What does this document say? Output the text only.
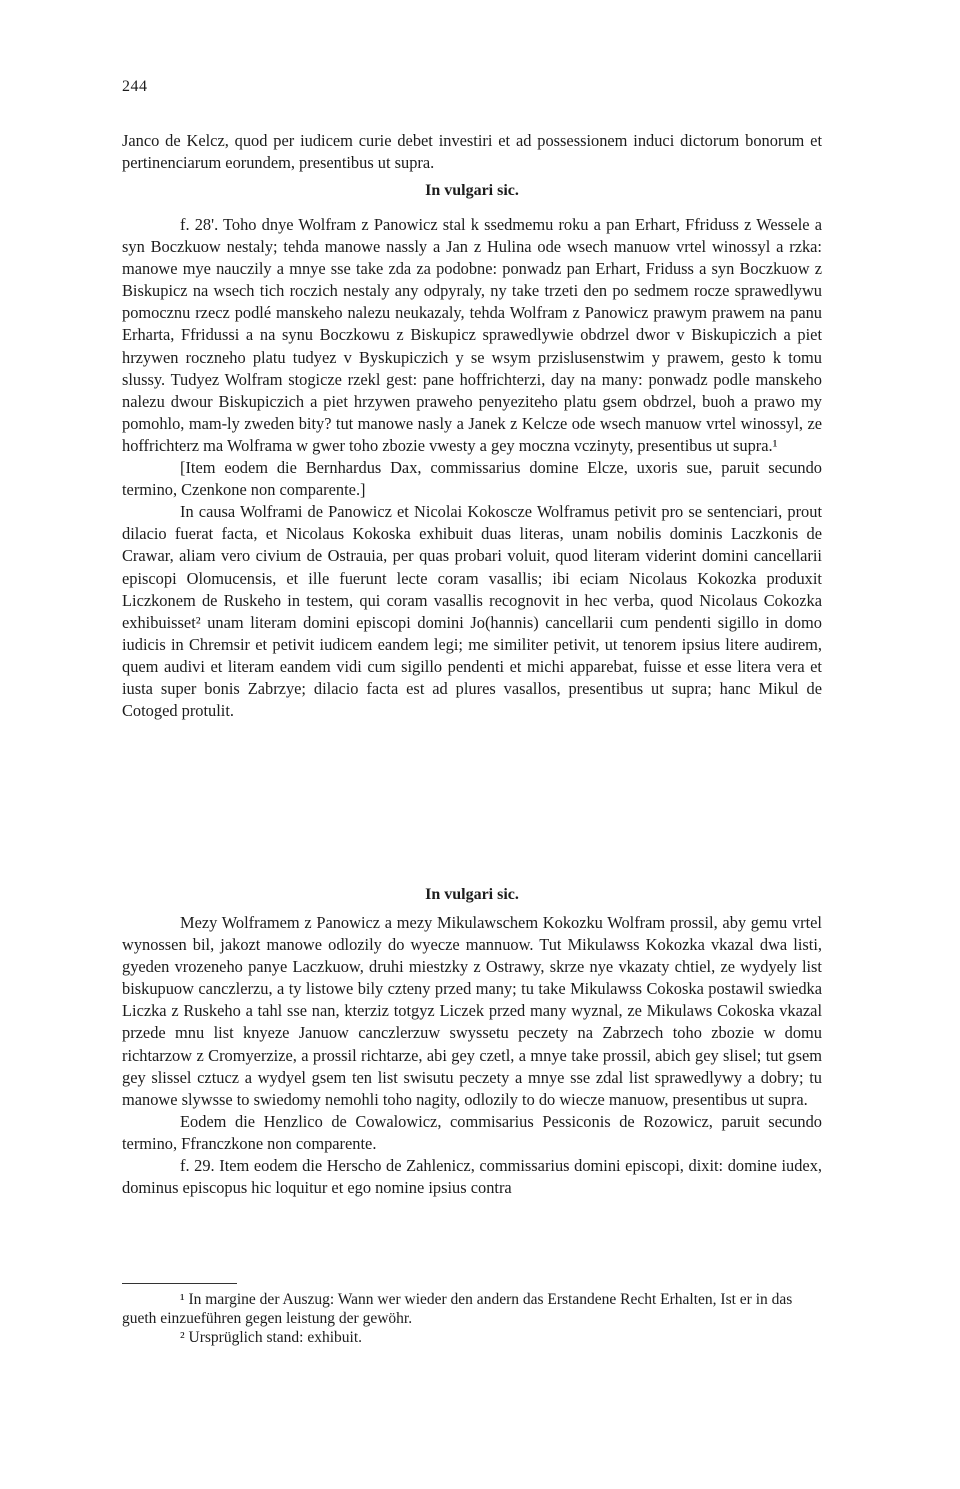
244

Janco de Kelcz, quod per iudicem curie debet investiri et ad possessionem induci dictorum bonorum et pertinenciarum eorundem, presentibus ut supra.

In vulgari sic.

f. 28'. Toho dnye Wolfram z Panowicz stal k ssedmemu roku a pan Erhart, Ffriduss z Wessele a syn Boczkuow nestaly; tehda manowe nassly a Jan z Hulina ode wsech manuow vrtel winossyl a rzka: manowe mye nauczily a mnye sse take zda za podobne: ponwadz pan Erhart, Friduss a syn Boczkuow z Biskupicz na wsech tich roczich nestaly any odpyraly, ny take trzeti den po sedmem rocze sprawedlywu pomocznu rzecz podlé manskeho nalezu neukazaly, tehda Wolfram z Panowicz prawym prawem na panu Erharta, Ffridussi a na synu Boczkowu z Biskupicz sprawedlywie obdrzel dwor v Biskupiczich a piet hrzywen roczneho platu tudyez v Byskupiczich y se wsym przislusenstwim y prawem, gesto k tomu slussy. Tudyez Wolfram stogicze rzekl gest: pane hoffrichterzi, day na many: ponwadz podle manskeho nalezu dwour Biskupiczich a piet hrzywen praweho penyeziteho platu gsem obdrzel, buoh a prawo my pomohlo, mam-ly zweden bity? tut manowe nasly a Janek z Kelcze ode wsech manuow vrtel winossyl, ze hoffrichterz ma Wolframa w gwer toho zbozie vwesty a gey moczna vczinyty, presentibus ut supra.¹

[Item eodem die Bernhardus Dax, commissarius domine Elcze, uxoris sue, paruit secundo termino, Czenkone non comparente.]

In causa Wolframi de Panowicz et Nicolai Kokoscze Wolframus petivit pro se sentenciari, prout dilacio fuerat facta, et Nicolaus Kokoska exhibuit duas literas, unam nobilis dominis Laczkonis de Crawar, aliam vero civium de Ostrauia, per quas probari voluit, quod literam viderint domini cancellarii episcopi Olomucensis, et ille fuerunt lecte coram vasallis; ibi eciam Nicolaus Kokozka produxit Liczkonem de Ruskeho in testem, qui coram vasallis recognovit in hec verba, quod Nicolaus Cokozka exhibuisset² unam literam domini episcopi domini Jo(hannis) cancellarii cum pendenti sigillo in domo iudicis in Chremsir et petivit iudicem eandem legi; me similiter petivit, ut tenorem ipsius litere audirem, quem audivi et literam eandem vidi cum sigillo pendenti et michi apparebat, fuisse et esse litera vera et iusta super bonis Zabrzye; dilacio facta est ad plures vasallos, presentibus ut supra; hanc Mikul de Cotoged protulit.

In vulgari sic.

Mezy Wolframem z Panowicz a mezy Mikulawschem Kokozku Wolfram prossil, aby gemu vrtel wynossen bil, jakozt manowe odlozily do wyecze mannuow. Tut Mikulawss Kokozka vkazal dwa listi, gyeden vrozeneho panye Laczkuow, druhi miestzky z Ostrawy, skrze nye vkazaty chtiel, ze wydyely list biskupuow canczlerzu, a ty listowe bily czteny przed many; tu take Mikulawss Cokoska postawil swiedka Liczka z Ruskeho a tahl sse nan, kterziz totgyz Liczek przed many wyznal, ze Mikulaws Cokoska vkazal przede mnu list knyeze Januow canczlerzuw swyssetu peczety na Zabrzech toho zbozie w domu richtarzow z Cromyerzize, a prossil richtarze, abi gey czetl, a mnye take prossil, abich gey slisel; tut gsem gey slissel cztucz a wydyel gsem ten list swisutu peczety a mnye sse zdal list sprawedlywy a dobry; tu manowe slywsse to swiedomy nemohli toho nagity, odlozily to do wiecze manuow, presentibus ut supra.

Eodem die Henzlico de Cowalowicz, commisarius Pessiconis de Rozowicz, paruit secundo termino, Ffranczkone non comparente.

f. 29. Item eodem die Herscho de Zahlenicz, commissarius domini episcopi, dixit: domine iudex, dominus episcopus hic loquitur et ego nomine ipsius contra

¹ In margine der Auszug: Wann wer wieder den andern das Erstandene Recht Erhalten, Ist er in das gueth einzueführen gegen leistung der gewöhr.

² Ursprüglich stand: exhibuit.
